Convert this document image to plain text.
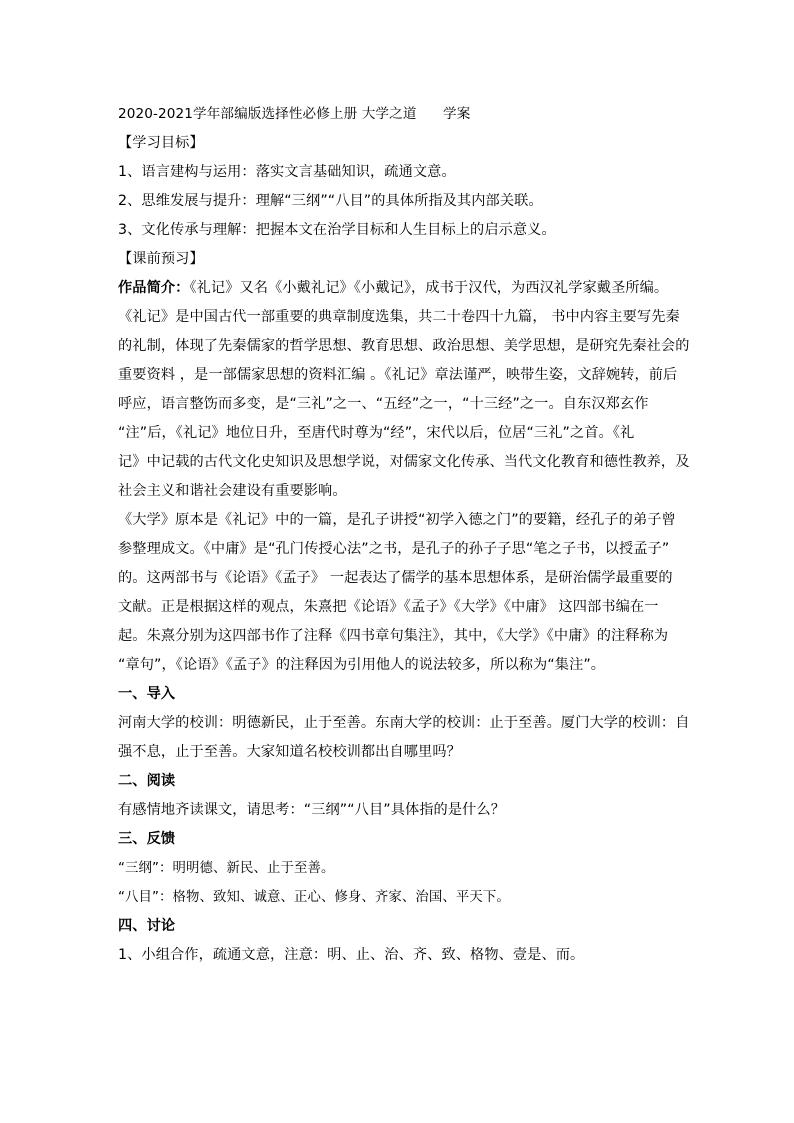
2020-2021学年部编版选择性必修上册 大学之道      学案
【学习目标】
1、语言建构与运用：落实文言基础知识，疏通文意。
2、思维发展与提升：理解“三纲”“八目”的具体所指及其内部关联。
3、文化传承与理解：把握本文在治学目标和人生目标上的启示意义。
【课前预习】
作品简介：《礼记》又名《小戴礼记》《小戴记》，成书于汉代，为西汉礼学家戴圣所编。
《礼记》是中国古代一部重要的典章制度选集，共二十卷四十九篇， 书中内容主要写先秦
的礼制，体现了先秦儒家的哲学思想、教育思想、政治思想、美学思想，是研究先秦社会的
重要资料 ，是一部儒家思想的资料汇编 。《礼记》章法谨严，映带生姿，文辞婉转，前后
呼应，语言整饬而多变，是“三礼”之一、“五经”之一，“十三经”之一。自东汉郑玄作
“注”后，《礼记》地位日升，至唐代时尊为“经”，宋代以后，位居“三礼”之首。《礼
记》中记载的古代文化史知识及思想学说，对儒家文化传承、当代文化教育和德性教养，及
社会主义和谐社会建设有重要影响。
《大学》原本是《礼记》中的一篇，是孔子讲授“初学入德之门”的要籍，经孔子的弟子曾
参整理成文。《中庸》是“孔门传授心法”之书，是孔子的孙子子思“笔之子书，以授孟子”
的。这两部书与《论语》《孟子》 一起表达了儒学的基本思想体系，是研治儒学最重要的
文献。正是根据这样的观点，朱熹把《论语》《孟子》《大学》《中庸》 这四部书编在一
起。朱熹分别为这四部书作了注释《四书章句集注》，其中，《大学》《中庸》的注释称为
“章句”，《论语》《孟子》的注释因为引用他人的说法较多，所以称为“集注”。
一、导入
河南大学的校训：明德新民，止于至善。东南大学的校训：止于至善。厦门大学的校训：自
强不息，止于至善。大家知道名校校训都出自哪里吗？
二、阅读
有感情地齐读课文，请思考：“三纲”“八目”具体指的是什么？
三、反馈
“三纲”：明明德、新民、止于至善。
“八目”：格物、致知、诚意、正心、修身、齐家、治国、平天下。
四、讨论
1、小组合作，疏通文意，注意：明、止、治、齐、致、格物、壹是、而。
